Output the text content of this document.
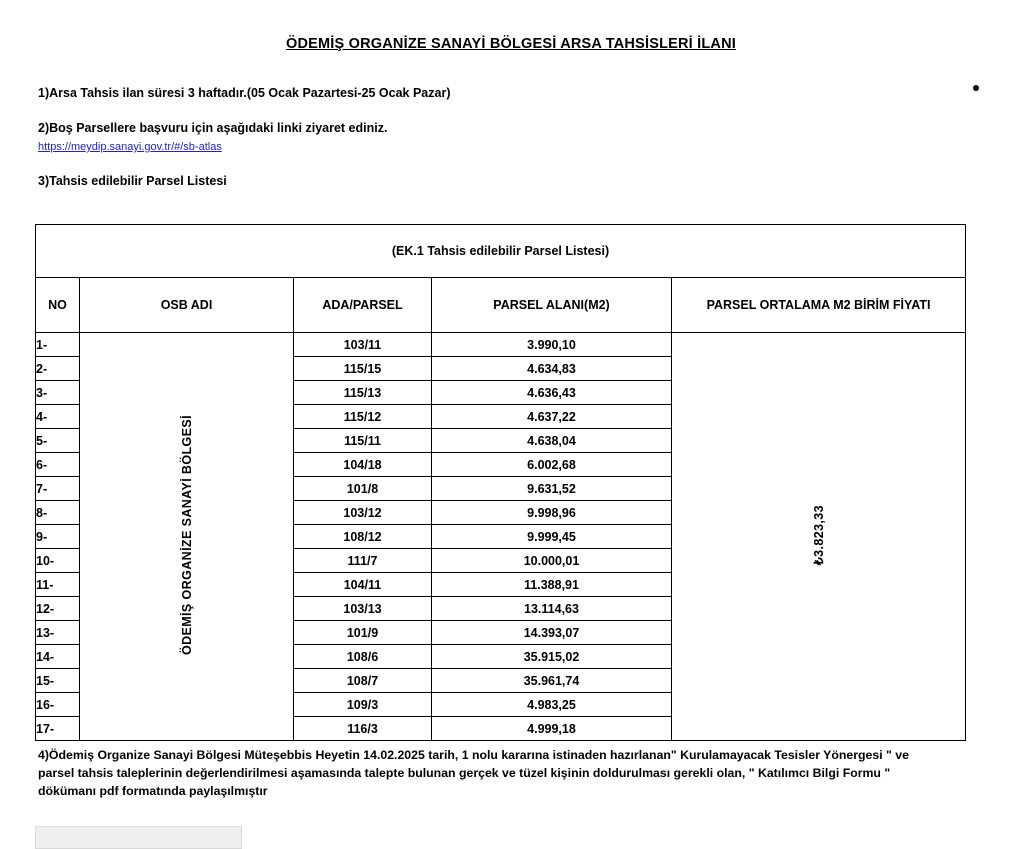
ÖDEMİŞ ORGANİZE SANAYİ BÖLGESİ ARSA TAHSİSLERİ İLANI
1)Arsa Tahsis ilan süresi 3 haftadır.(05 Ocak Pazartesi-25 Ocak Pazar)
2)Boş Parsellere başvuru için aşağıdaki linki ziyaret ediniz.
https://meydip.sanayi.gov.tr/#/sb-atlas
3)Tahsis edilebilir Parsel Listesi
(EK.1 Tahsis edilebilir Parsel Listesi)				
NO	OSB ADI	ADA/PARSEL	PARSEL ALANI(M2)	PARSEL ORTALAMA M2 BİRİM FİYATI
1-	ÖDEMİŞ ORGANİZE SANAYİ BÖLGESİ	103/11	3.990,10	₺3.823,33
2-		115/15	4.634,83	
3-		115/13	4.636,43	
4-		115/12	4.637,22	
5-		115/11	4.638,04	
6-		104/18	6.002,68	
7-		101/8	9.631,52	
8-		103/12	9.998,96	
9-		108/12	9.999,45	
10-		111/7	10.000,01	
11-		104/11	11.388,91	
12-		103/13	13.114,63	
13-		101/9	14.393,07	
14-		108/6	35.915,02	
15-		108/7	35.961,74	
16-		109/3	4.983,25	
17-		116/3	4.999,18	
4)Ödemiş Organize Sanayi Bölgesi Müteşebbis Heyetin 14.02.2025 tarih, 1 nolu kararına istinaden hazırlanan" Kurulamayacak Tesisler Yönergesi " ve parsel tahsis taleplerinin değerlendirilmesi aşamasında talepte bulunan gerçek ve tüzel kişinin doldurulması gerekli olan, " Katılımcı Bilgi Formu " dökümanı pdf formatında paylaşılmıştır
